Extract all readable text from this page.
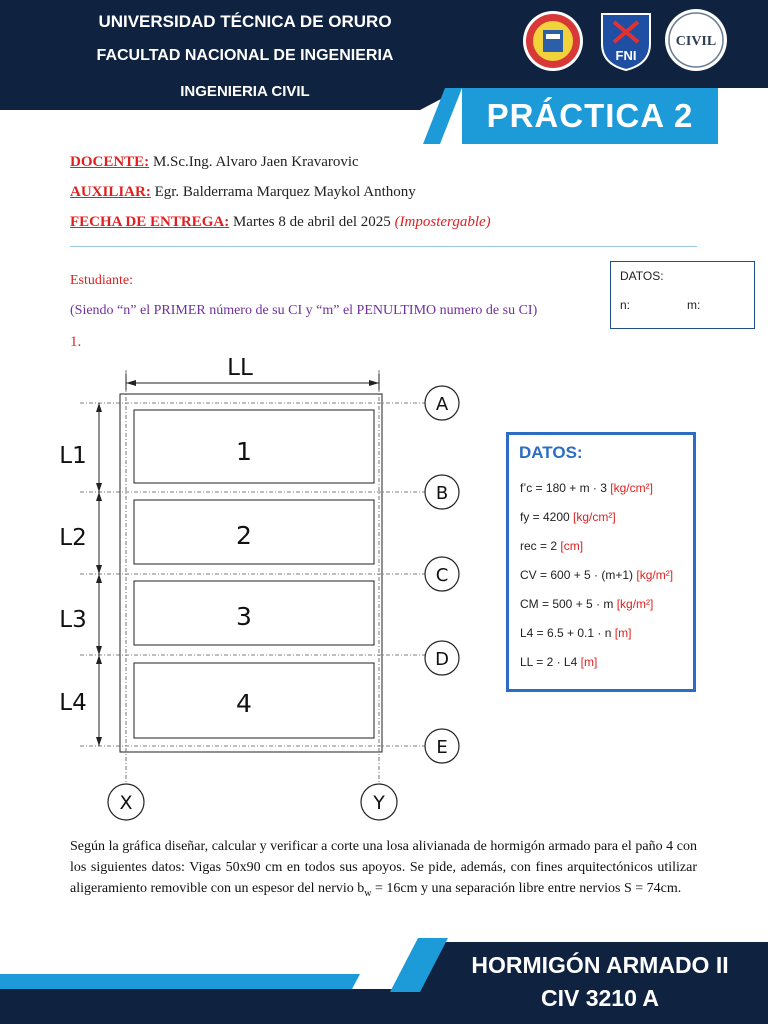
UNIVERSIDAD TÉCNICA DE ORURO
FACULTAD NACIONAL DE INGENIERIA
INGENIERIA CIVIL
FNI
CIVIL
PRÁCTICA 2
DOCENTE: M.Sc.Ing. Alvaro Jaen Kravarovic
AUXILIAR: Egr. Balderrama Marquez Maykol Anthony
FECHA DE ENTREGA: Martes 8 de abril del 2025 (Impostergable)
Estudiante:
(Siendo “n” el PRIMER número de su CI y “m” el PENULTIMO numero de su CI)
DATOS:
n:	m:
1.
LL
L1
L2
L3
L4
1
2
3
4
A
B
C
D
E
X	Y
DATOS:
f’c = 180 + m · 3 [kg/cm²]
fy = 4200 [kg/cm²]
rec = 2 [cm]
CV = 600 + 5 · (m+1) [kg/m²]
CM = 500 + 5 · m [kg/m²]
L4 = 6.5 + 0.1 · n [m]
LL = 2 · L4 [m]
Según la gráfica diseñar, calcular y verificar a corte una losa alivianada de hormigón armado para el paño 4 con los siguientes datos: Vigas 50x90 cm en todos sus apoyos. Se pide, además, con fines arquitectónicos utilizar aligeramiento removible con un espesor del nervio $b_w = 16cm$ y una separación libre entre nervios S = 74cm.
HORMIGÓN ARMADO II
CIV 3210 A
